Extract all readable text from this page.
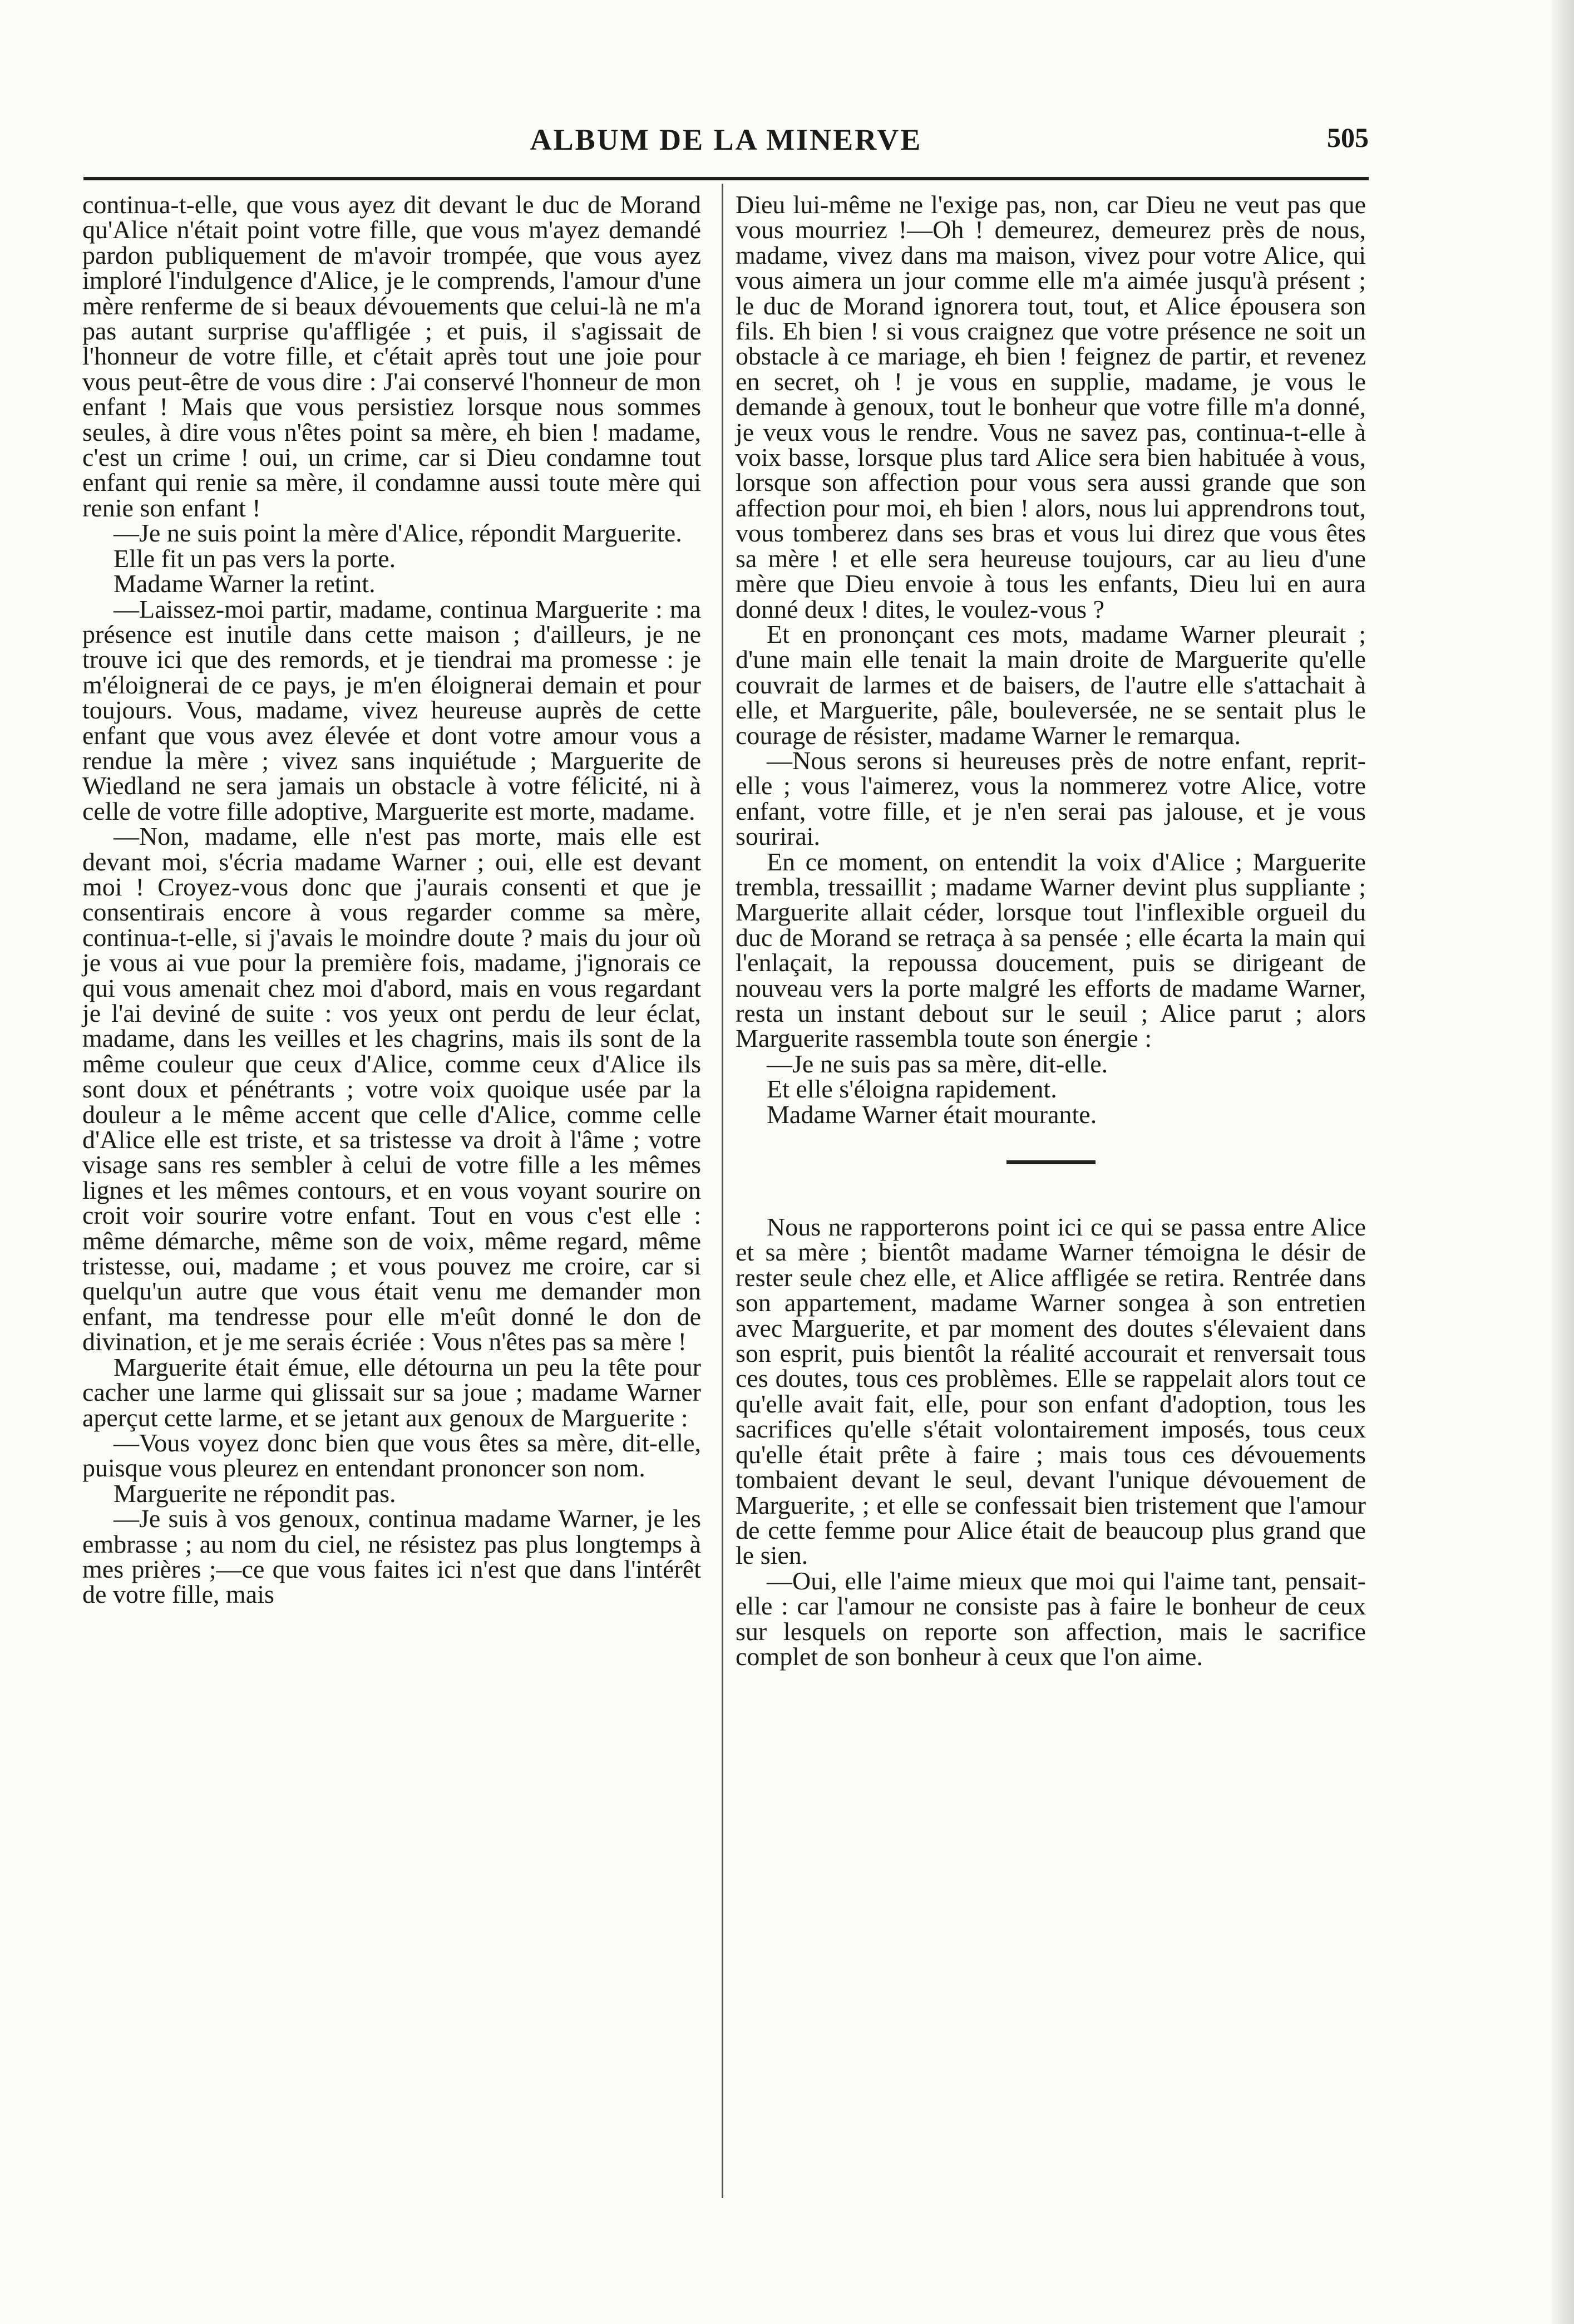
ALBUM DE LA MINERVE	505

continua-t-elle, que vous ayez dit devant le duc de Morand qu'Alice n'était point votre fille, que vous m'ayez demandé pardon publiquement de m'avoir trompée, que vous ayez imploré l'indulgence d'Alice, je le comprends, l'amour d'une mère renferme de si beaux dévouements que celui-là ne m'a pas autant surprise qu'affligée ; et puis, il s'agissait de l'honneur de votre fille, et c'était après tout une joie pour vous peut-être de vous dire : J'ai conservé l'honneur de mon enfant ! Mais que vous persistiez lorsque nous sommes seules, à dire vous n'êtes point sa mère, eh bien ! madame, c'est un crime ! oui, un crime, car si Dieu condamne tout enfant qui renie sa mère, il condamne aussi toute mère qui renie son enfant !

—Je ne suis point la mère d'Alice, répondit Marguerite.

Elle fit un pas vers la porte.

Madame Warner la retint.

—Laissez-moi partir, madame, continua Marguerite : ma présence est inutile dans cette maison ; d'ailleurs, je ne trouve ici que des remords, et je tiendrai ma promesse : je m'éloignerai de ce pays, je m'en éloignerai demain et pour toujours. Vous, madame, vivez heureuse auprès de cette enfant que vous avez élevée et dont votre amour vous a rendue la mère ; vivez sans inquiétude ; Marguerite de Wiedland ne sera jamais un obstacle à votre félicité, ni à celle de votre fille adoptive, Marguerite est morte, madame.

—Non, madame, elle n'est pas morte, mais elle est devant moi, s'écria madame Warner ; oui, elle est devant moi ! Croyez-vous donc que j'aurais consenti et que je consentirais encore à vous regarder comme sa mère, continua-t-elle, si j'avais le moindre doute ? mais du jour où je vous ai vue pour la première fois, madame, j'ignorais ce qui vous amenait chez moi d'abord, mais en vous regardant je l'ai deviné de suite : vos yeux ont perdu de leur éclat, madame, dans les veilles et les chagrins, mais ils sont de la même couleur que ceux d'Alice, comme ceux d'Alice ils sont doux et pénétrants ; votre voix quoique usée par la douleur a le même accent que celle d'Alice, comme celle d'Alice elle est triste, et sa tristesse va droit à l'âme ; votre visage sans res sembler à celui de votre fille a les mêmes lignes et les mêmes contours, et en vous voyant sourire on croit voir sourire votre enfant. Tout en vous c'est elle : même démarche, même son de voix, même regard, même tristesse, oui, madame ; et vous pouvez me croire, car si quelqu'un autre que vous était venu me demander mon enfant, ma tendresse pour elle m'eût donné le don de divination, et je me serais écriée : Vous n'êtes pas sa mère !

Marguerite était émue, elle détourna un peu la tête pour cacher une larme qui glissait sur sa joue ; madame Warner aperçut cette larme, et se jetant aux genoux de Marguerite :

—Vous voyez donc bien que vous êtes sa mère, dit-elle, puisque vous pleurez en entendant prononcer son nom.

Marguerite ne répondit pas.

—Je suis à vos genoux, continua madame Warner, je les embrasse ; au nom du ciel, ne résistez pas plus longtemps à mes prières ;—ce que vous faites ici n'est que dans l'intérêt de votre fille, mais

Dieu lui-même ne l'exige pas, non, car Dieu ne veut pas que vous mourriez !—Oh ! demeurez, demeurez près de nous, madame, vivez dans ma maison, vivez pour votre Alice, qui vous aimera un jour comme elle m'a aimée jusqu'à présent ; le duc de Morand ignorera tout, tout, et Alice épousera son fils. Eh bien ! si vous craignez que votre présence ne soit un obstacle à ce mariage, eh bien ! feignez de partir, et revenez en secret, oh ! je vous en supplie, madame, je vous le demande à genoux, tout le bonheur que votre fille m'a donné, je veux vous le rendre. Vous ne savez pas, continua-t-elle à voix basse, lorsque plus tard Alice sera bien habituée à vous, lorsque son affection pour vous sera aussi grande que son affection pour moi, eh bien ! alors, nous lui apprendrons tout, vous tomberez dans ses bras et vous lui direz que vous êtes sa mère ! et elle sera heureuse toujours, car au lieu d'une mère que Dieu envoie à tous les enfants, Dieu lui en aura donné deux ! dites, le voulez-vous ?

Et en prononçant ces mots, madame Warner pleurait ; d'une main elle tenait la main droite de Marguerite qu'elle couvrait de larmes et de baisers, de l'autre elle s'attachait à elle, et Marguerite, pâle, bouleversée, ne se sentait plus le courage de résister, madame Warner le remarqua.

—Nous serons si heureuses près de notre enfant, reprit-elle ; vous l'aimerez, vous la nommerez votre Alice, votre enfant, votre fille, et je n'en serai pas jalouse, et je vous sourirai.

En ce moment, on entendit la voix d'Alice ; Marguerite trembla, tressaillit ; madame Warner devint plus suppliante ; Marguerite allait céder, lorsque tout l'inflexible orgueil du duc de Morand se retraça à sa pensée ; elle écarta la main qui l'enlaçait, la repoussa doucement, puis se dirigeant de nouveau vers la porte malgré les efforts de madame Warner, resta un instant debout sur le seuil ; Alice parut ; alors Marguerite rassembla toute son énergie :

—Je ne suis pas sa mère, dit-elle.

Et elle s'éloigna rapidement.

Madame Warner était mourante.

Nous ne rapporterons point ici ce qui se passa entre Alice et sa mère ; bientôt madame Warner témoigna le désir de rester seule chez elle, et Alice affligée se retira. Rentrée dans son appartement, madame Warner songea à son entretien avec Marguerite, et par moment des doutes s'élevaient dans son esprit, puis bientôt la réalité accourait et renversait tous ces doutes, tous ces problèmes. Elle se rappelait alors tout ce qu'elle avait fait, elle, pour son enfant d'adoption, tous les sacrifices qu'elle s'était volontairement imposés, tous ceux qu'elle était prête à faire ; mais tous ces dévouements tombaient devant le seul, devant l'unique dévouement de Marguerite, ; et elle se confessait bien tristement que l'amour de cette femme pour Alice était de beaucoup plus grand que le sien.

—Oui, elle l'aime mieux que moi qui l'aime tant, pensait-elle : car l'amour ne consiste pas à faire le bonheur de ceux sur lesquels on reporte son affection, mais le sacrifice complet de son bonheur à ceux que l'on aime.
